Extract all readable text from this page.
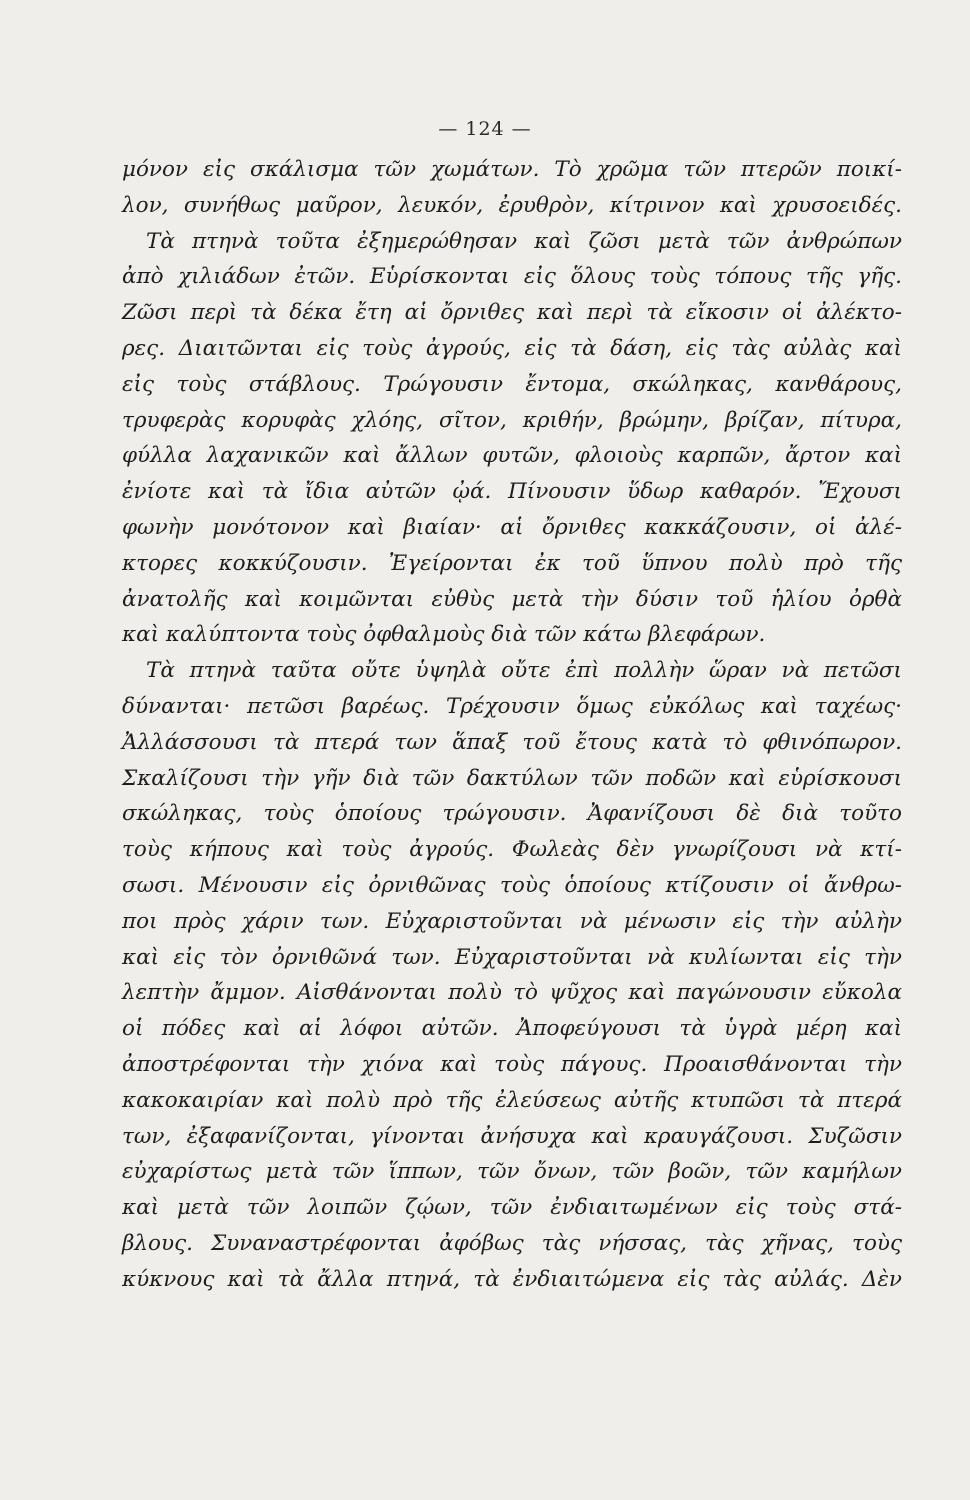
— 124 —
μόνον εἰς σκάλισμα τῶν χωμάτων. Τὸ χρῶμα τῶν πτερῶν ποικί-
λον, συνήθως μαῦρον, λευκόν, ἐρυθρὸν, κίτρινον καὶ χρυσοειδές.
Τὰ πτηνὰ τοῦτα ἐξημερώθησαν καὶ ζῶσι μετὰ τῶν ἀνθρώπων
ἀπὸ χιλιάδων ἐτῶν. Εὑρίσκονται εἰς ὅλους τοὺς τόπους τῆς γῆς.
Ζῶσι περὶ τὰ δέκα ἔτη αἱ ὄρνιθες καὶ περὶ τὰ εἴκοσιν οἱ ἀλέκτο-
ρες. Διαιτῶνται εἰς τοὺς ἀγρούς, εἰς τὰ δάση, εἰς τὰς αὐλὰς καὶ
εἰς τοὺς στάβλους. Τρώγουσιν ἔντομα, σκώληκας, κανθάρους,
τρυφερὰς κορυφὰς χλόης, σῖτον, κριθήν, βρώμην, βρίζαν, πίτυρα,
φύλλα λαχανικῶν καὶ ἄλλων φυτῶν, φλοιοὺς καρπῶν, ἄρτον καὶ
ἐνίοτε καὶ τὰ ἴδια αὐτῶν ᾠά. Πίνουσιν ὕδωρ καθαρόν. Ἔχουσι
φωνὴν μονότονον καὶ βιαίαν· αἱ ὄρνιθες κακκάζουσιν, οἱ ἀλέ-
κτορες κοκκύζουσιν. Ἐγείρονται ἐκ τοῦ ὕπνου πολὺ πρὸ τῆς
ἀνατολῆς καὶ κοιμῶνται εὐθὺς μετὰ τὴν δύσιν τοῦ ἡλίου ὀρθὰ
καὶ καλύπτοντα τοὺς ὀφθαλμοὺς διὰ τῶν κάτω βλεφάρων.
Τὰ πτηνὰ ταῦτα οὔτε ὑψηλὰ οὔτε ἐπὶ πολλὴν ὥραν νὰ πετῶσι
δύνανται· πετῶσι βαρέως. Τρέχουσιν ὅμως εὐκόλως καὶ ταχέως·
Ἀλλάσσουσι τὰ πτερά των ἅπαξ τοῦ ἔτους κατὰ τὸ φθινόπωρον.
Σκαλίζουσι τὴν γῆν διὰ τῶν δακτύλων τῶν ποδῶν καὶ εὑρίσκουσι
σκώληκας, τοὺς ὁποίους τρώγουσιν. Ἀφανίζουσι δὲ διὰ τοῦτο
τοὺς κήπους καὶ τοὺς ἀγρούς. Φωλεὰς δὲν γνωρίζουσι νὰ κτί-
σωσι. Μένουσιν εἰς ὀρνιθῶνας τοὺς ὁποίους κτίζουσιν οἱ ἄνθρω-
ποι πρὸς χάριν των. Εὐχαριστοῦνται νὰ μένωσιν εἰς τὴν αὐλὴν
καὶ εἰς τὸν ὀρνιθῶνά των. Εὐχαριστοῦνται νὰ κυλίωνται εἰς τὴν
λεπτὴν ἄμμον. Αἰσθάνονται πολὺ τὸ ψῦχος καὶ παγώνουσιν εὔκολα
οἱ πόδες καὶ αἱ λόφοι αὐτῶν. Ἀποφεύγουσι τὰ ὑγρὰ μέρη καὶ
ἀποστρέφονται τὴν χιόνα καὶ τοὺς πάγους. Προαισθάνονται τὴν
κακοκαιρίαν καὶ πολὺ πρὸ τῆς ἐλεύσεως αὐτῆς κτυπῶσι τὰ πτερά
των, ἐξαφανίζονται, γίνονται ἀνήσυχα καὶ κραυγάζουσι. Συζῶσιν
εὐχαρίστως μετὰ τῶν ἵππων, τῶν ὄνων, τῶν βοῶν, τῶν καμήλων
καὶ μετὰ τῶν λοιπῶν ζῴων, τῶν ἐνδιαιτωμένων εἰς τοὺς στά-
βλους. Συναναστρέφονται ἀφόβως τὰς νήσσας, τὰς χῆνας, τοὺς
κύκνους καὶ τὰ ἄλλα πτηνά, τὰ ἐνδιαιτώμενα εἰς τὰς αὐλάς. Δὲν
